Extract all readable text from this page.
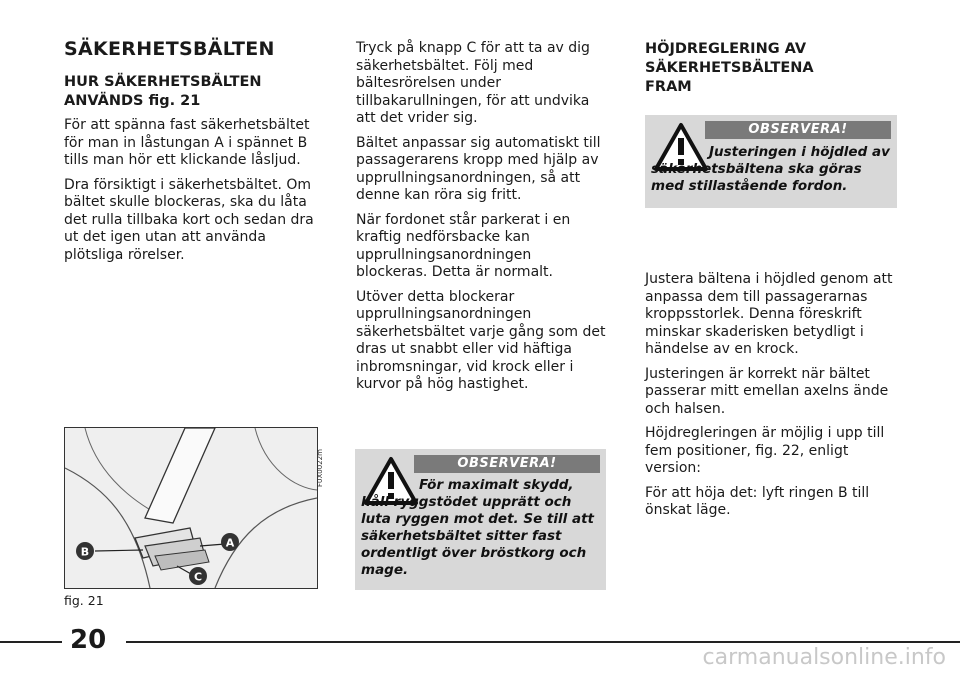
SÄKERHETSBÄLTEN
HUR SÄKERHETSBÄLTEN ANVÄNDS fig. 21

För att spänna fast säkerhetsbältet för man in låstungan A i spännet B tills man hör ett klickande låsljud.

Dra försiktigt i säkerhetsbältet. Om bältet skulle blockeras, ska du låta det rulla tillbaka kort och sedan dra ut det igen utan att använda plötsliga rörelser.

Tryck på knapp C för att ta av dig säkerhetsbältet. Följ med bältesrörelsen under tillbakarullningen, för att undvika att det vrider sig.

Bältet anpassar sig automatiskt till passagerarens kropp med hjälp av upprullningsanordningen, så att denne kan röra sig fritt.

När fordonet står parkerat i en kraftig nedförsbacke kan upprullningsanordningen blockeras. Detta är normalt.

Utöver detta blockerar upprullningsanordningen säkerhetsbältet varje gång som det dras ut snabbt eller vid häftiga inbromsningar, vid krock eller i kurvor på hög hastighet.

HÖJDREGLERING AV SÄKERHETSBÄLTENA FRAM

Justera bältena i höjdled genom att anpassa dem till passagerarnas kroppsstorlek. Denna föreskrift minskar skaderisken betydligt i händelse av en krock.

Justeringen är korrekt när bältet passerar mitt emellan axelns ände och halsen.

Höjdregleringen är möjlig i upp till fem positioner, fig. 22, enligt version:

För att höja det: lyft ringen B till önskat läge.

B
A
C
F0X0022m
fig. 21
OBSERVERA!
För maximalt skydd, håll ryggstödet upprätt och luta ryggen mot det. Se till att säkerhetsbältet sitter fast ordentligt över bröstkorg och mage.
OBSERVERA!
Justeringen i höjdled av säkerhetsbältena ska göras med stillastående fordon.
20
carmanualsonline.info
